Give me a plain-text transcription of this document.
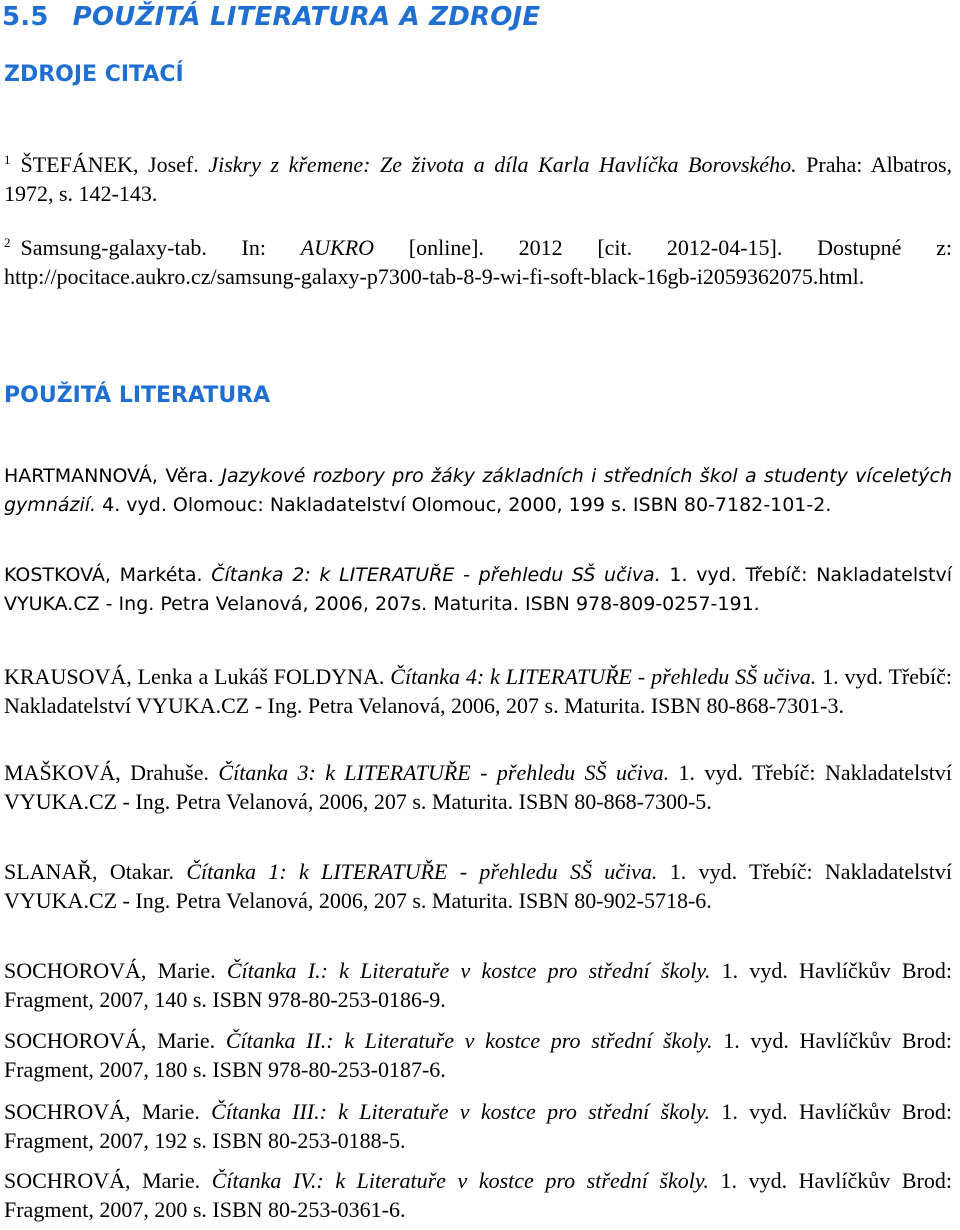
5.5 POUŽITÁ LITERATURA A ZDROJE
ZDROJE CITACÍ

$^1$ ŠTEFÁNEK, Josef. Jiskry z křemene: Ze života a díla Karla Havlíčka Borovského. Praha: Albatros, 1972, s. 142-143.

$^2$ Samsung-galaxy-tab. In: AUKRO [online]. 2012 [cit. 2012-04-15]. Dostupné z: http://pocitace.aukro.cz/samsung-galaxy-p7300-tab-8-9-wi-fi-soft-black-16gb-i2059362075.html.

POUŽITÁ LITERATURA

HARTMANNOVÁ, Věra. Jazykové rozbory pro žáky základních i středních škol a studenty víceletých gymnázií. 4. vyd. Olomouc: Nakladatelství Olomouc, 2000, 199 s. ISBN 80-7182-101-2.

KOSTKOVÁ, Markéta. Čítanka 2: k LITERATUŘE - přehledu SŠ učiva. 1. vyd. Třebíč: Nakladatelství VYUKA.CZ - Ing. Petra Velanová, 2006, 207s. Maturita. ISBN 978-809-0257-191.

KRAUSOVÁ, Lenka a Lukáš FOLDYNA. Čítanka 4: k LITERATUŘE - přehledu SŠ učiva. 1. vyd. Třebíč: Nakladatelství VYUKA.CZ - Ing. Petra Velanová, 2006, 207 s. Maturita. ISBN 80-868-7301-3.

MAŠKOVÁ, Drahuše. Čítanka 3: k LITERATUŘE - přehledu SŠ učiva. 1. vyd. Třebíč: Nakladatelství VYUKA.CZ - Ing. Petra Velanová, 2006, 207 s. Maturita. ISBN 80-868-7300-5.

SLANAŘ, Otakar. Čítanka 1: k LITERATUŘE - přehledu SŠ učiva. 1. vyd. Třebíč: Nakladatelství VYUKA.CZ - Ing. Petra Velanová, 2006, 207 s. Maturita. ISBN 80-902-5718-6.

SOCHOROVÁ, Marie. Čítanka I.: k Literatuře v kostce pro střední školy. 1. vyd. Havlíčkův Brod: Fragment, 2007, 140 s. ISBN 978-80-253-0186-9.

SOCHOROVÁ, Marie. Čítanka II.: k Literatuře v kostce pro střední školy. 1. vyd. Havlíčkův Brod: Fragment, 2007, 180 s. ISBN 978-80-253-0187-6.

SOCHROVÁ, Marie. Čítanka III.: k Literatuře v kostce pro střední školy. 1. vyd. Havlíčkův Brod: Fragment, 2007, 192 s. ISBN 80-253-0188-5.

SOCHROVÁ, Marie. Čítanka IV.: k Literatuře v kostce pro střední školy. 1. vyd. Havlíčkův Brod: Fragment, 2007, 200 s. ISBN 80-253-0361-6.
